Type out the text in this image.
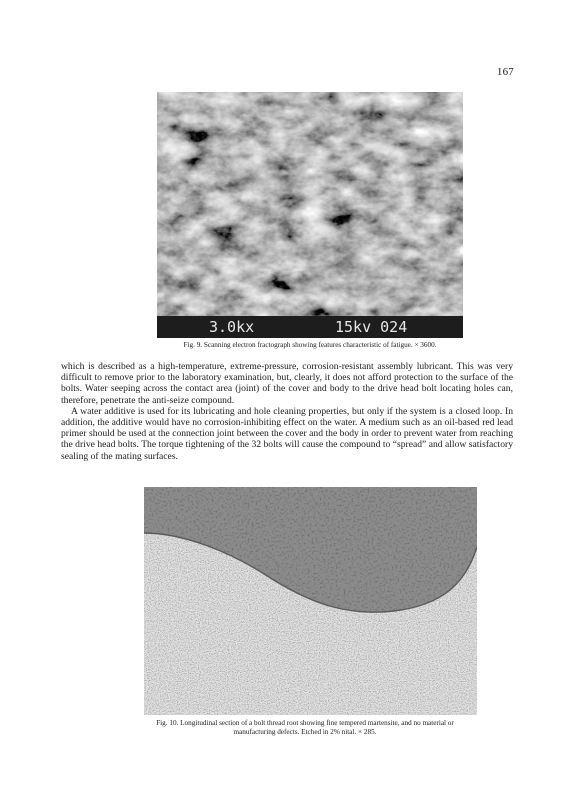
167
3.0kx	15kv 024
Fig. 9. Scanning electron fractograph showing features characteristic of fatigue. × 3600.

which is described as a high-temperature, extreme-pressure, corrosion-resistant assembly lubricant. This was very difficult to remove prior to the laboratory examination, but, clearly, it does not afford protection to the surface of the bolts. Water seeping across the contact area (joint) of the cover and body to the drive head bolt locating holes can, therefore, penetrate the anti-seize compound.

A water additive is used for its lubricating and hole cleaning properties, but only if the system is a closed loop. In addition, the additive would have no corrosion-inhibiting effect on the water. A medium such as an oil-based red lead primer should be used at the connection joint between the cover and the body in order to prevent water from reaching the drive head bolts. The torque tightening of the 32 bolts will cause the compound to “spread” and allow satisfactory sealing of the mating surfaces.

Fig. 10. Longitudinal section of a bolt thread root showing fine tempered martensite, and no material or
manufacturing defects. Etched in 2% nital. × 285.
